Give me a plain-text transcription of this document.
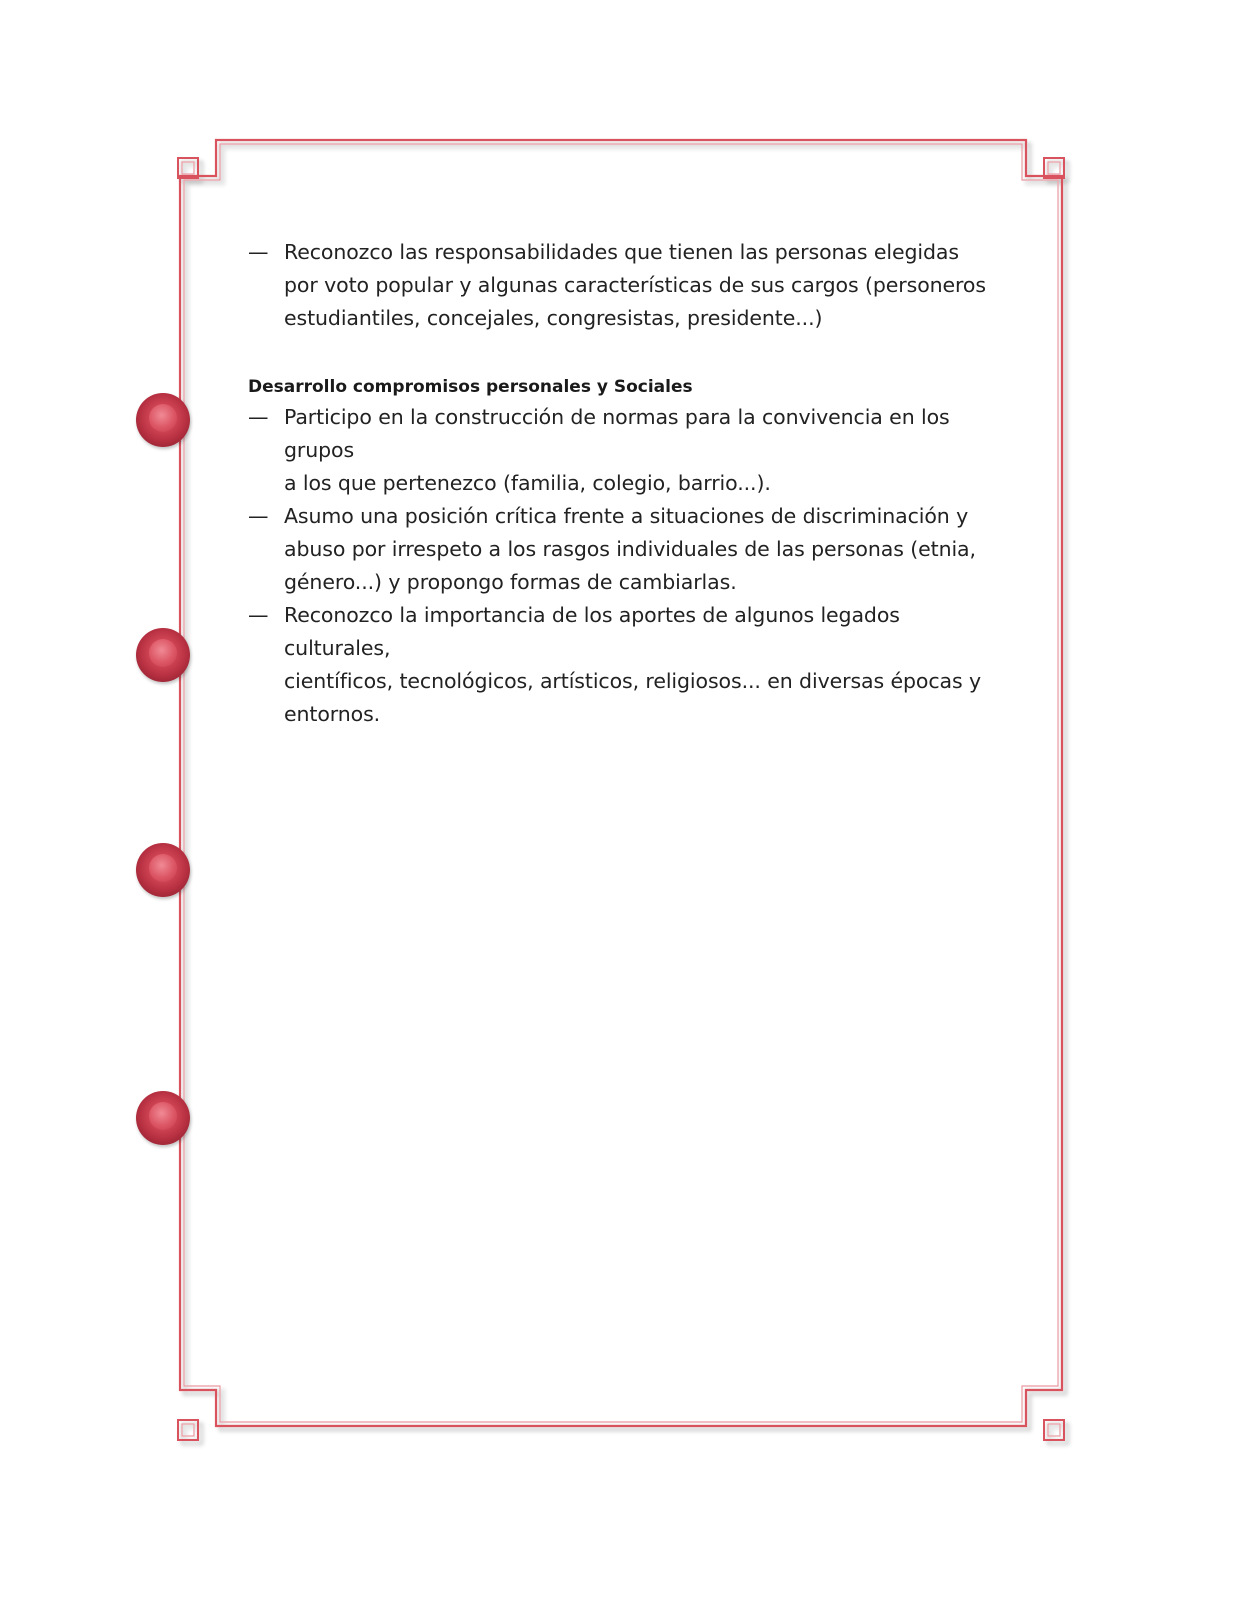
— Reconozco las responsabilidades que tienen las personas elegidas
por voto popular y algunas características de sus cargos (personeros
estudiantiles, concejales, congresistas, presidente...)
Desarrollo compromisos personales y Sociales
— Participo en la construcción de normas para la convivencia en los grupos
a los que pertenezco (familia, colegio, barrio...).
— Asumo una posición crítica frente a situaciones de discriminación y
abuso por irrespeto a los rasgos individuales de las personas (etnia,
género...) y propongo formas de cambiarlas.
— Reconozco la importancia de los aportes de algunos legados culturales,
científicos, tecnológicos, artísticos, religiosos... en diversas épocas y
entornos.
